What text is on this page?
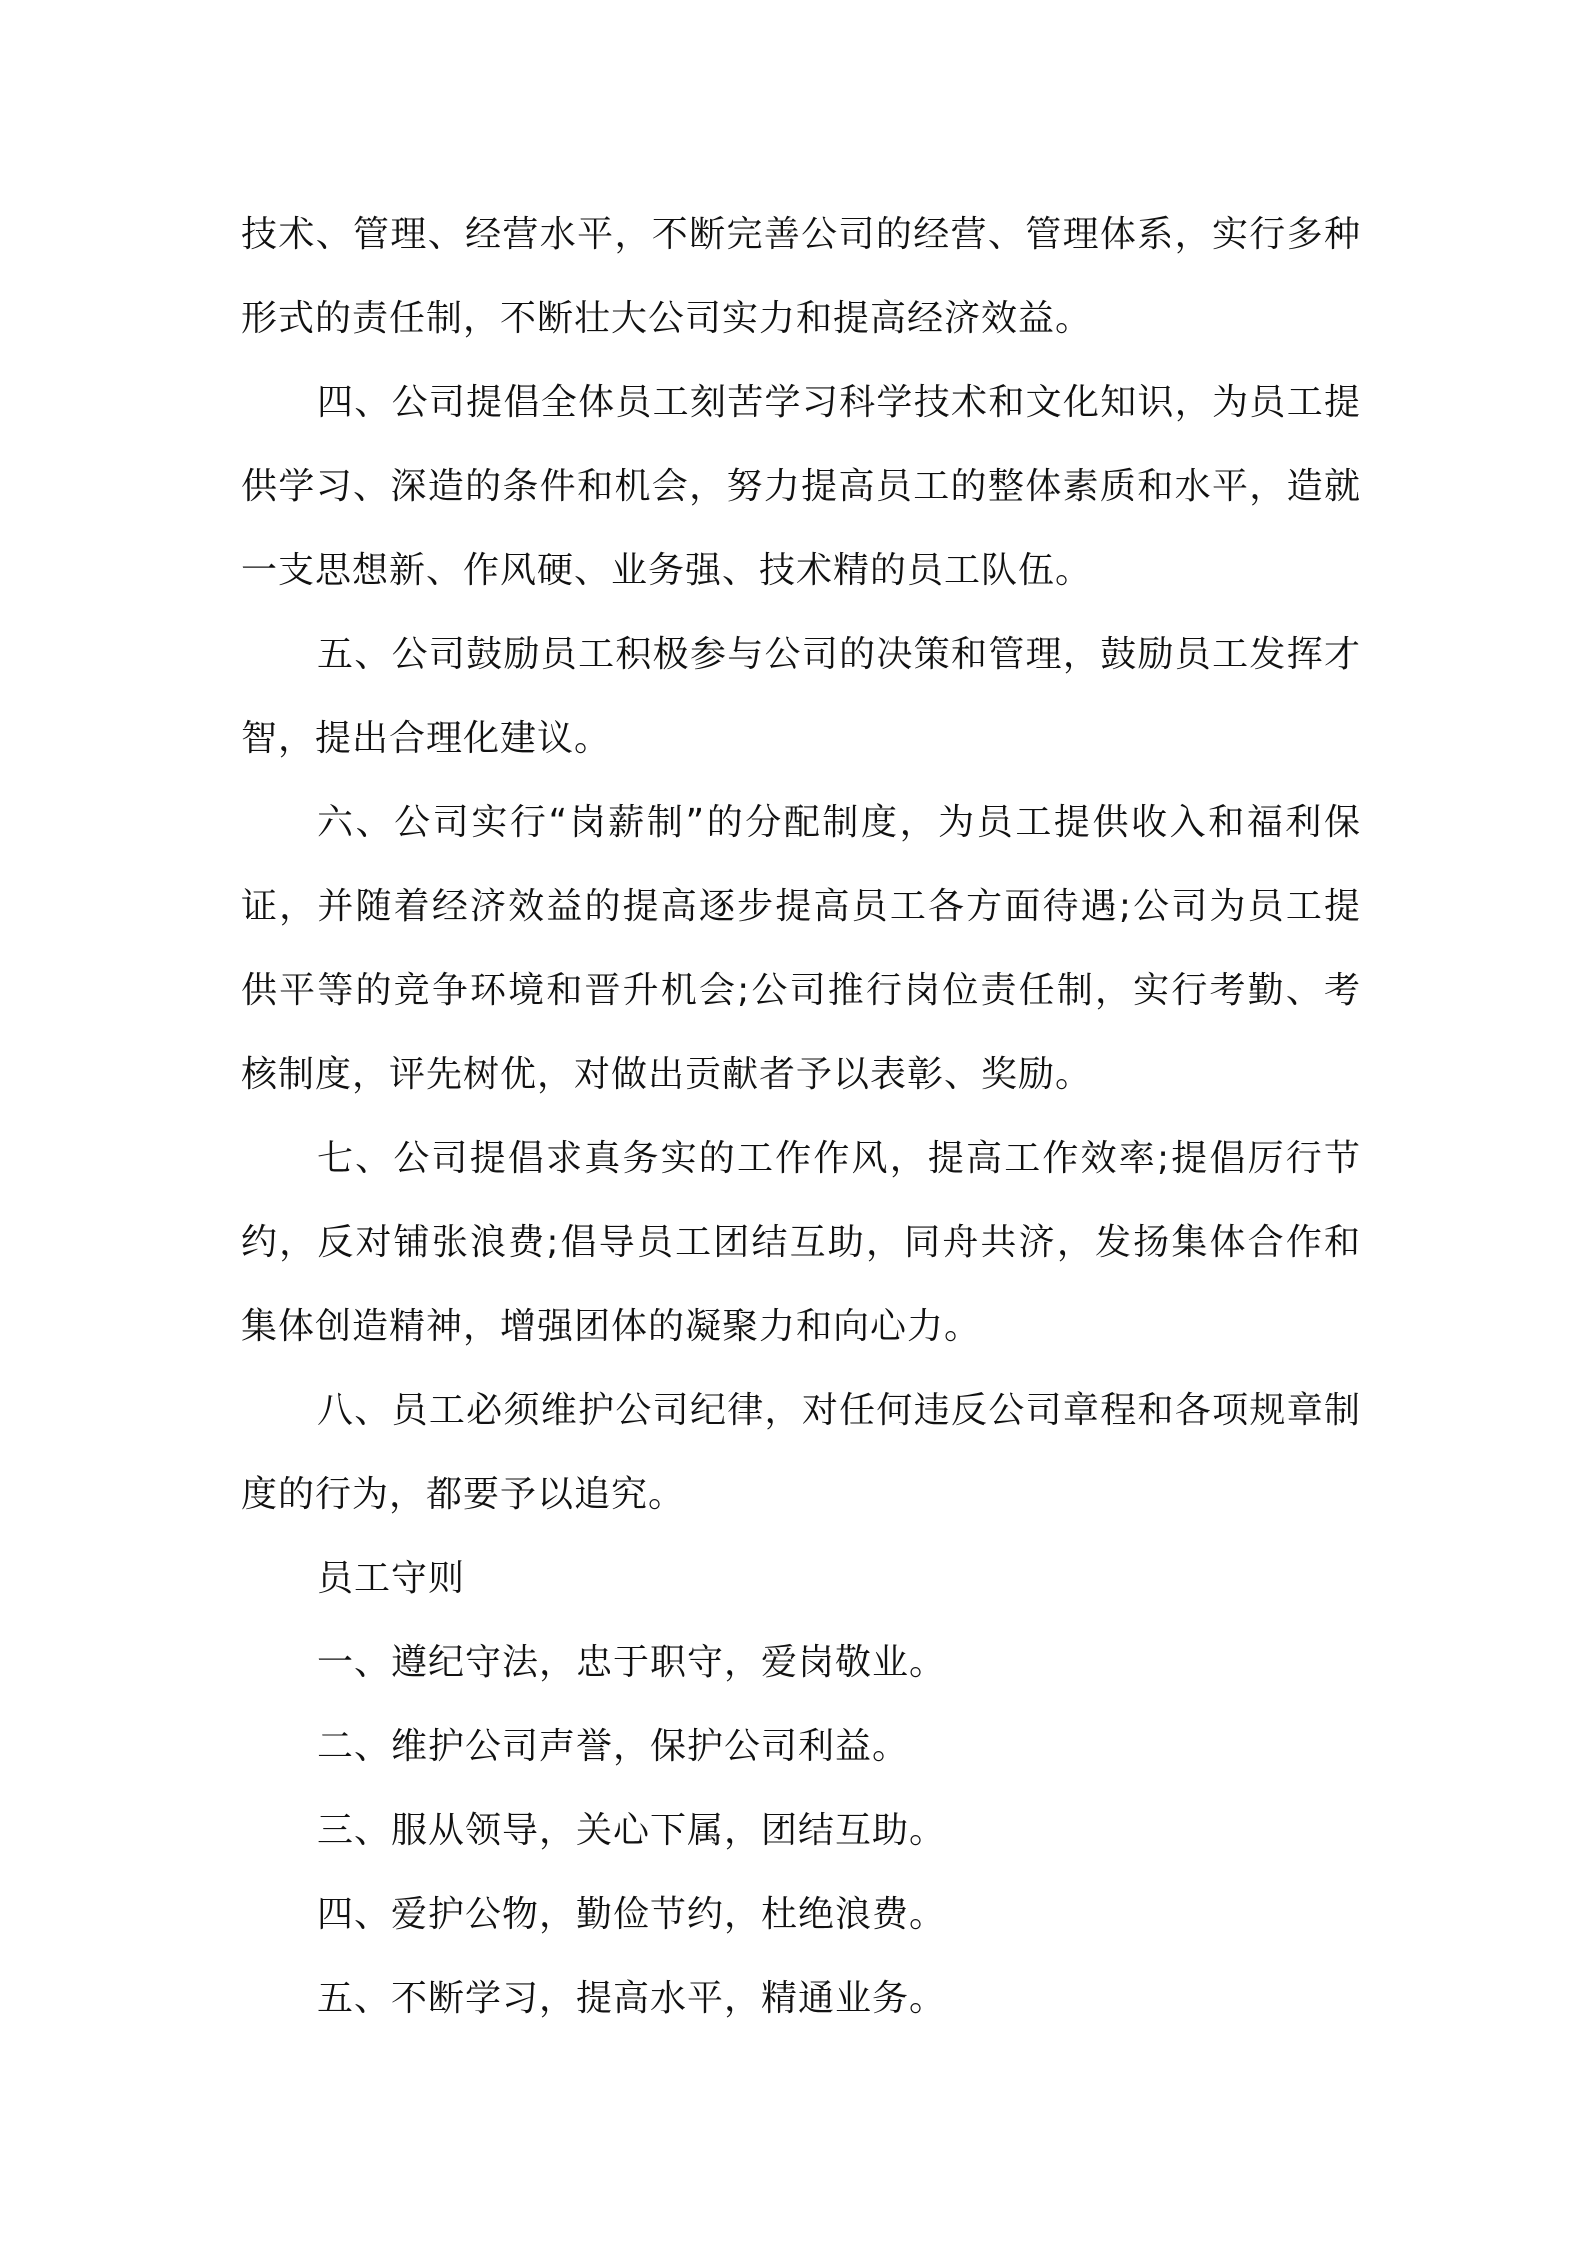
技术、管理、经营水平，不断完善公司的经营、管理体系，实行多种形式的责任制，不断壮大公司实力和提高经济效益。

四、公司提倡全体员工刻苦学习科学技术和文化知识，为员工提供学习、深造的条件和机会，努力提高员工的整体素质和水平，造就一支思想新、作风硬、业务强、技术精的员工队伍。

五、公司鼓励员工积极参与公司的决策和管理，鼓励员工发挥才智，提出合理化建议。

六、公司实行“岗薪制”的分配制度，为员工提供收入和福利保证，并随着经济效益的提高逐步提高员工各方面待遇;公司为员工提供平等的竞争环境和晋升机会;公司推行岗位责任制，实行考勤、考核制度，评先树优，对做出贡献者予以表彰、奖励。

七、公司提倡求真务实的工作作风，提高工作效率;提倡厉行节约，反对铺张浪费;倡导员工团结互助，同舟共济，发扬集体合作和集体创造精神，增强团体的凝聚力和向心力。

八、员工必须维护公司纪律，对任何违反公司章程和各项规章制度的行为，都要予以追究。

员工守则

一、遵纪守法，忠于职守，爱岗敬业。

二、维护公司声誉，保护公司利益。

三、服从领导，关心下属，团结互助。

四、爱护公物，勤俭节约，杜绝浪费。

五、不断学习，提高水平，精通业务。
